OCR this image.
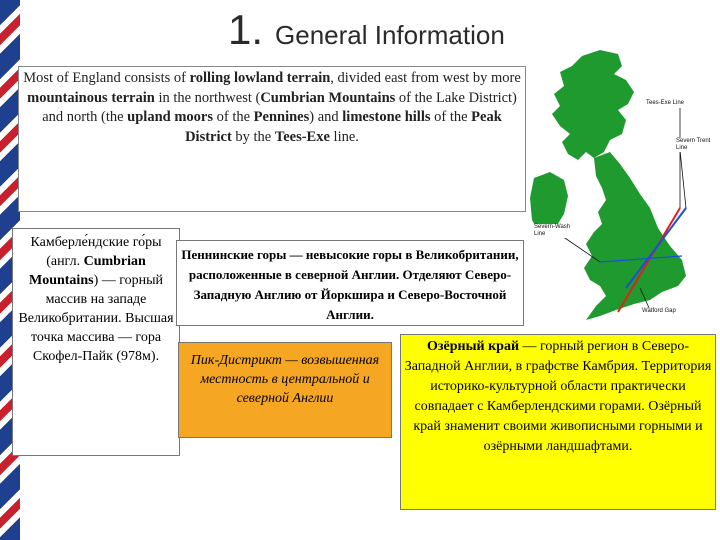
1. General Information
Most of England consists of rolling lowland terrain, divided east from west by more mountainous terrain in the northwest (Cumbrian Mountains of the Lake District) and north (the upland moors of the Pennines) and limestone hills of the Peak District by the Tees-Exe line.
Камберле́ндские го́ры (англ. Cumbrian Mountains) — горный массив на западе Великобритании. Высшая точка массива — гора Скофел-Пайк (978м).
Пеннинские горы — невысокие горы в Великобритании, расположенные в северной Англии. Отделяют Северо-Западную Англию от Йоркшира и Северо-Восточной Англии.
Пик-Дистрикт — возвышенная местность в центральной и северной Англии
Озёрный край — горный регион в Северо-Западной Англии, в графстве Камбрия. Территория историко-культурной области практически совпадает с Камберлендскими горами. Озёрный край знаменит своими живописными горными и озёрными ландшафтами.
Tees-Exe Line
Severn Trent Line
Severn-Wash Line
Watford Gap
